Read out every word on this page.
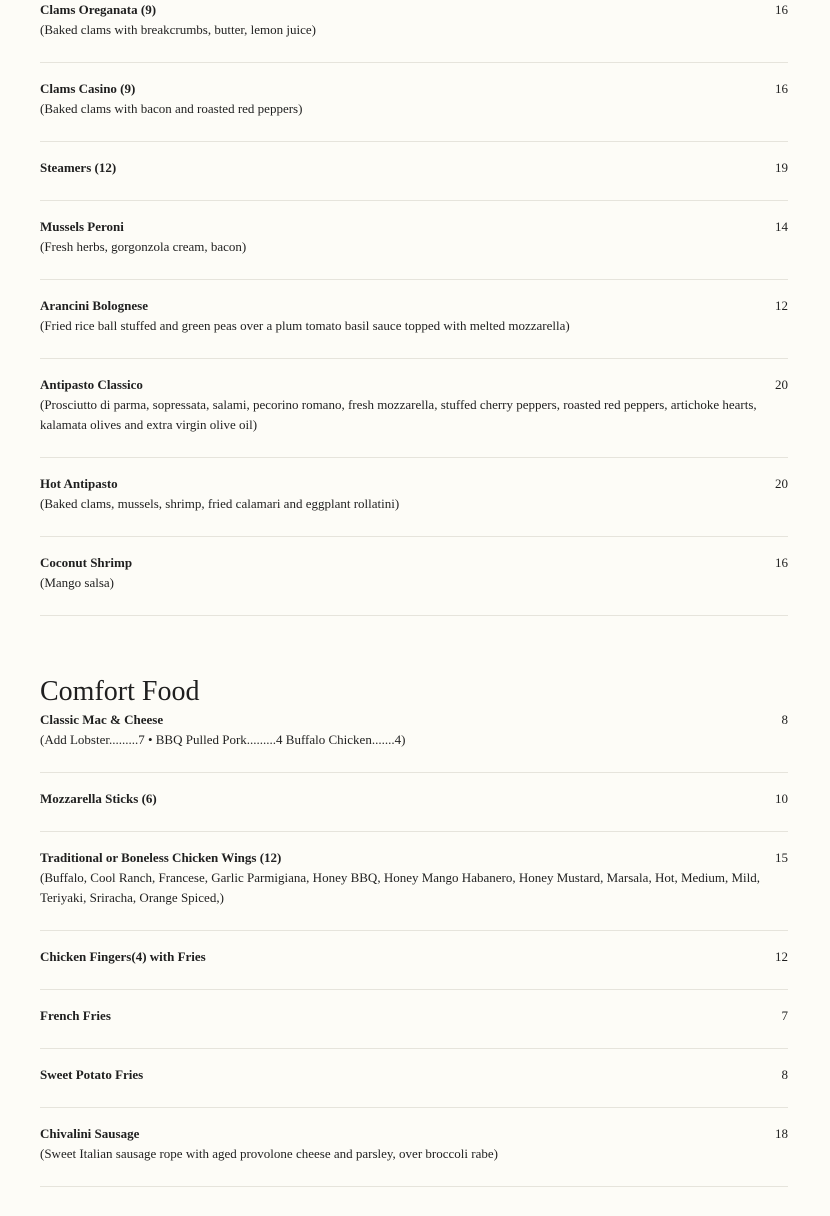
Clams Oreganata (9)	16
(Baked clams with breakcrumbs, butter, lemon juice)
Clams Casino (9)	16
(Baked clams with bacon and roasted red peppers)
Steamers (12)	19
Mussels Peroni	14
(Fresh herbs, gorgonzola cream, bacon)
Arancini Bolognese	12
(Fried rice ball stuffed and green peas over a plum tomato basil sauce topped with melted mozzarella)
Antipasto Classico	20
(Prosciutto di parma, sopressata, salami, pecorino romano, fresh mozzarella, stuffed cherry peppers, roasted red peppers, artichoke hearts, kalamata olives and extra virgin olive oil)
Hot Antipasto	20
(Baked clams, mussels, shrimp, fried calamari and eggplant rollatini)
Coconut Shrimp	16
(Mango salsa)
Comfort Food
Classic Mac & Cheese	8
(Add Lobster.........7 • BBQ Pulled Pork.........4 Buffalo Chicken.......4)
Mozzarella Sticks (6)	10
Traditional or Boneless Chicken Wings (12)	15
(Buffalo, Cool Ranch, Francese, Garlic Parmigiana, Honey BBQ, Honey Mango Habanero, Honey Mustard, Marsala, Hot, Medium, Mild, Teriyaki, Sriracha, Orange Spiced,)
Chicken Fingers(4) with Fries	12
French Fries	7
Sweet Potato Fries	8
Chivalini Sausage	18
(Sweet Italian sausage rope with aged provolone cheese and parsley, over broccoli rabe)
